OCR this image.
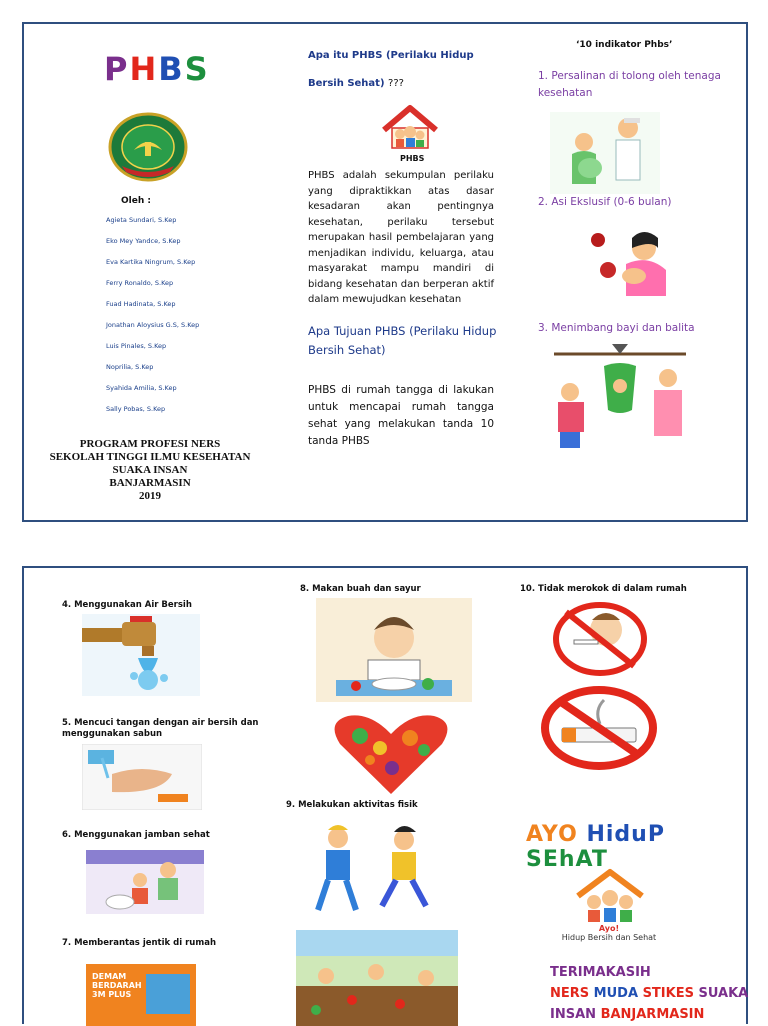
PHBS
Oleh :
Agieta Sundari, S.Kep
Eko Mey Yandce, S.Kep
Eva Kartika Ningrum, S.Kep
Ferry Ronaldo, S.Kep
Fuad Hadinata, S.Kep
Jonathan Aloysius G.S, S.Kep
Luis Pinales, S.Kep
Noprilia, S.Kep
Syahida Amilia, S.Kep
Sally Pobas, S.Kep
PROGRAM PROFESI NERS
SEKOLAH TINGGI ILMU KESEHATAN
SUAKA INSAN
BANJARMASIN
2019
Apa itu PHBS (Perilaku Hidup
Bersih Sehat) ???
PHBS
PHBS adalah sekumpulan perilaku yang dipraktikkan atas dasar kesadaran akan pentingnya kesehatan, perilaku tersebut merupakan hasil pembelajaran yang menjadikan individu, keluarga, atau masyarakat mampu mandiri di bidang kesehatan dan berperan aktif dalam mewujudkan kesehatan
Apa Tujuan PHBS (Perilaku Hidup Bersih Sehat)
PHBS di rumah tangga di lakukan untuk mencapai rumah tangga sehat yang melakukan tanda 10 tanda PHBS
‘10 indikator Phbs’
1. Persalinan di tolong oleh tenaga kesehatan
2. Asi Ekslusif (0-6 bulan)
3. Menimbang bayi dan balita
4. Menggunakan Air Bersih
5. Mencuci tangan dengan air bersih dan menggunakan sabun
6. Menggunakan jamban sehat
7. Memberantas jentik di rumah
DEMAM BERDARAH 3M PLUS
8. Makan buah dan sayur
9. Melakukan aktivitas fisik
10. Tidak merokok di dalam rumah
AYO HiduP SEhAT
Ayo!
Hidup Bersih dan Sehat
TERIMAKASIH
NERS MUDA STIKES SUAKA
INSAN BANJARMASIN
